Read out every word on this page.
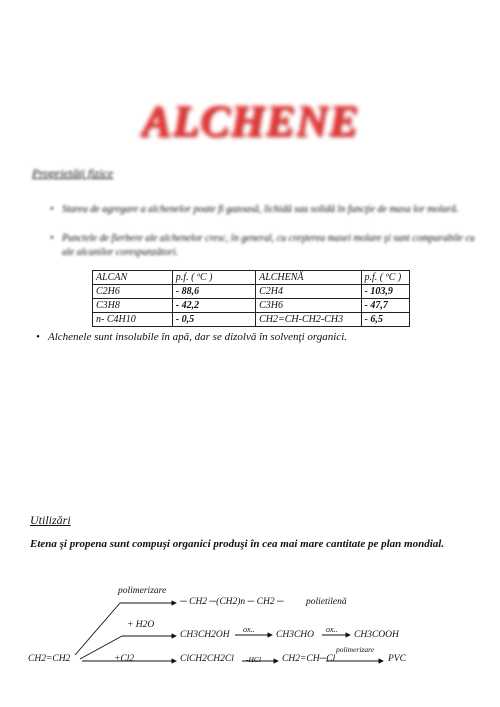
ALCHENE
Proprietăţi fizice
• Starea de agregare a alchenelor poate fi gazoasă, lichidă sau solidă în funcţie de masa lor molară.
• Punctele de fierbere ale alchenelor cresc, în general, cu creşterea masei molare şi sunt comparabile cu ale alcanilor corespunzători.
ALCAN	p.f. ( ºC )	ALCHENĂ	p.f. ( ºC )
C2H6	- 88,6	C2H4	- 103,9
C3H8	- 42,2	C3H6	- 47,7
n- C4H10	- 0,5	CH2=CH-CH2-CH3	- 6,5
• Alchenele sunt insolubile în apă, dar se dizolvă în solvenţi organici.
Utilizări
Etena şi propena sunt compuşi organici produşi în cea mai mare cantitate pe plan mondial.
CH2=CH2
polimerizare
─ CH2 ─(CH2)n ─ CH2 ─ polietilenă
+ H2O
CH3CH2OH
ox..
CH3CHO
ox..
CH3COOH
+Cl2	ClCH2CH2Cl -HCl CH2=CH─Cl
polimerizare
PVC
